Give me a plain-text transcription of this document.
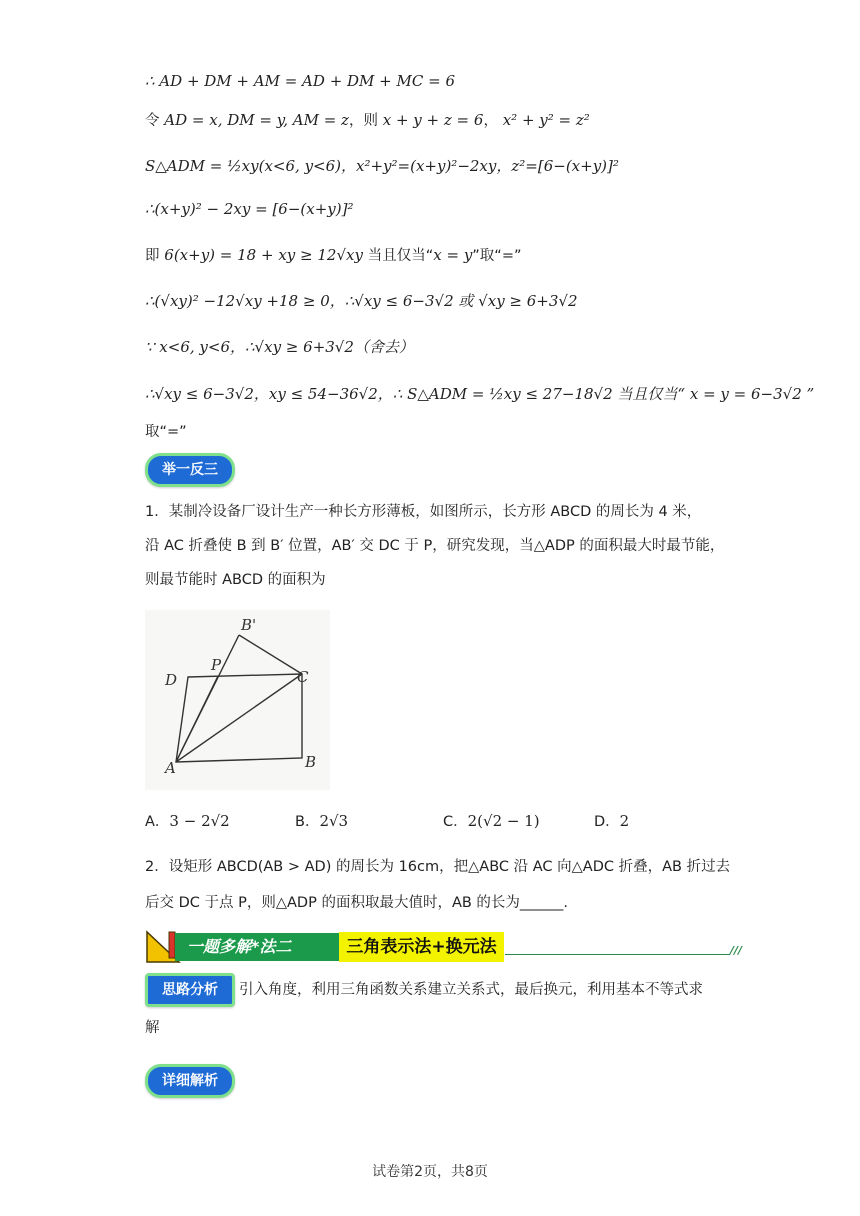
∴ AD + DM + AM = AD + DM + MC = 6
令 AD = x, DM = y, AM = z，则 x + y + z = 6， x² + y² = z²
S△ADM = ½xy(x<6, y<6)，x²+y²=(x+y)²−2xy，z²=[6−(x+y)]²
∴(x+y)² − 2xy = [6−(x+y)]²
即 6(x+y) = 18 + xy ≥ 12√xy 当且仅当“x = y”取“=”
∴(√xy)² −12√xy +18 ≥ 0，∴√xy ≤ 6−3√2 或 √xy ≥ 6+3√2
∵ x<6, y<6，∴√xy ≥ 6+3√2（舍去）
∴√xy ≤ 6−3√2，xy ≤ 54−36√2，∴ S△ADM = ½xy ≤ 27−18√2 当且仅当“ x = y = 6−3√2 ”
取“=”
举一反三
1．某制冷设备厂设计生产一种长方形薄板，如图所示，长方形 ABCD 的周长为 4 米，
沿 AC 折叠使 B 到 B′ 位置，AB′ 交 DC 于 P，研究发现，当△ADP 的面积最大时最节能，
则最节能时 ABCD 的面积为
B'
P
D	C
A	B
A．3 − 2√2	B．2√3	C．2(√2 − 1)	D．2
2．设矩形 ABCD(AB > AD) 的周长为 16cm，把△ABC 沿 AC 向△ADC 折叠，AB 折过去
后交 DC 于点 P，则△ADP 的面积取最大值时，AB 的长为______.
一题多解*法二	三角表示法+换元法	///
思路分析	引入角度，利用三角函数关系建立关系式，最后换元，利用基本不等式求
解
详细解析
试卷第2页，共8页
